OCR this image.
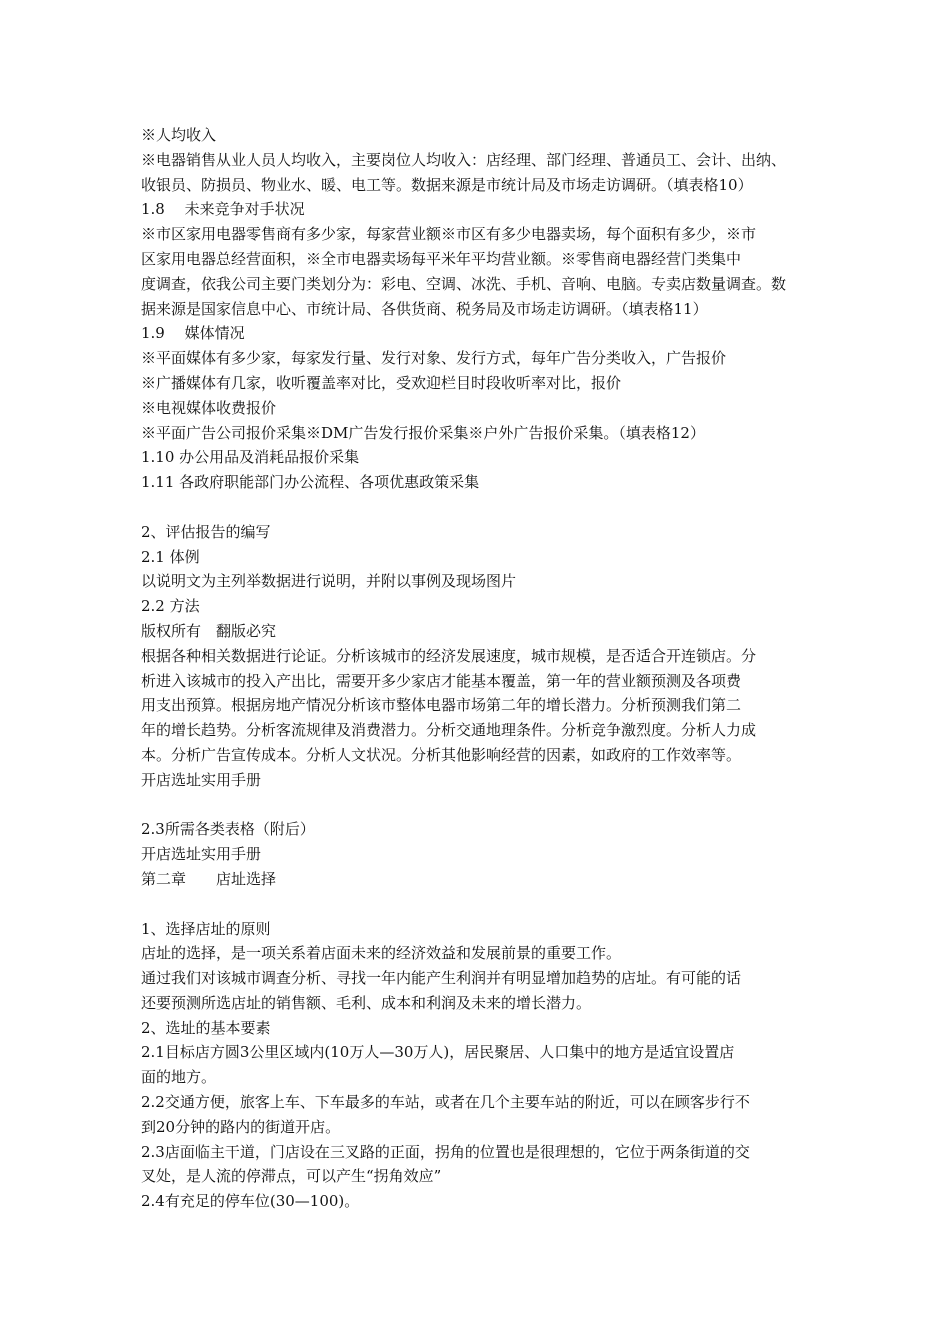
※人均收入
※电器销售从业人员人均收入，主要岗位人均收入：店经理、部门经理、普通员工、会计、出纳、
收银员、防损员、物业水、暖、电工等。数据来源是市统计局及市场走访调研。（填表格10）
1.8　 未来竞争对手状况
※市区家用电器零售商有多少家，每家营业额※市区有多少电器卖场，每个面积有多少，※市
区家用电器总经营面积，※全市电器卖场每平米年平均营业额。※零售商电器经营门类集中
度调查，依我公司主要门类划分为：彩电、空调、冰洗、手机、音响、电脑。专卖店数量调查。数
据来源是国家信息中心、市统计局、各供货商、税务局及市场走访调研。（填表格11）
1.9　 媒体情况
※平面媒体有多少家，每家发行量、发行对象、发行方式，每年广告分类收入，广告报价
※广播媒体有几家，收听覆盖率对比，受欢迎栏目时段收听率对比，报价
※电视媒体收费报价
※平面广告公司报价采集※DM广告发行报价采集※户外广告报价采集。（填表格12）
1.10 办公用品及消耗品报价采集
1.11 各政府职能部门办公流程、各项优惠政策采集
2、评估报告的编写
2.1 体例
以说明文为主列举数据进行说明，并附以事例及现场图片
2.2 方法
版权所有　翻版必究
根据各种相关数据进行论证。分析该城市的经济发展速度，城市规模，是否适合开连锁店。分
析进入该城市的投入产出比，需要开多少家店才能基本覆盖，第一年的营业额预测及各项费
用支出预算。根据房地产情况分析该市整体电器市场第二年的增长潜力。分析预测我们第二
年的增长趋势。分析客流规律及消费潜力。分析交通地理条件。分析竞争激烈度。分析人力成
本。分析广告宣传成本。分析人文状况。分析其他影响经营的因素，如政府的工作效率等。
开店选址实用手册
2.3所需各类表格（附后）
开店选址实用手册
第二章　　店址选择
1、选择店址的原则
店址的选择，是一项关系着店面未来的经济效益和发展前景的重要工作。
通过我们对该城市调查分析、寻找一年内能产生利润并有明显增加趋势的店址。有可能的话
还要预测所选店址的销售额、毛利、成本和利润及未来的增长潜力。
2、选址的基本要素
2.1目标店方圆3公里区域内(10万人—30万人)，居民聚居、人口集中的地方是适宜设置店
面的地方。
2.2交通方便，旅客上车、下车最多的车站，或者在几个主要车站的附近，可以在顾客步行不
到20分钟的路内的街道开店。
2.3店面临主干道，门店设在三叉路的正面，拐角的位置也是很理想的，它位于两条街道的交
叉处，是人流的停滞点，可以产生“拐角效应”
2.4有充足的停车位(30—100)。
